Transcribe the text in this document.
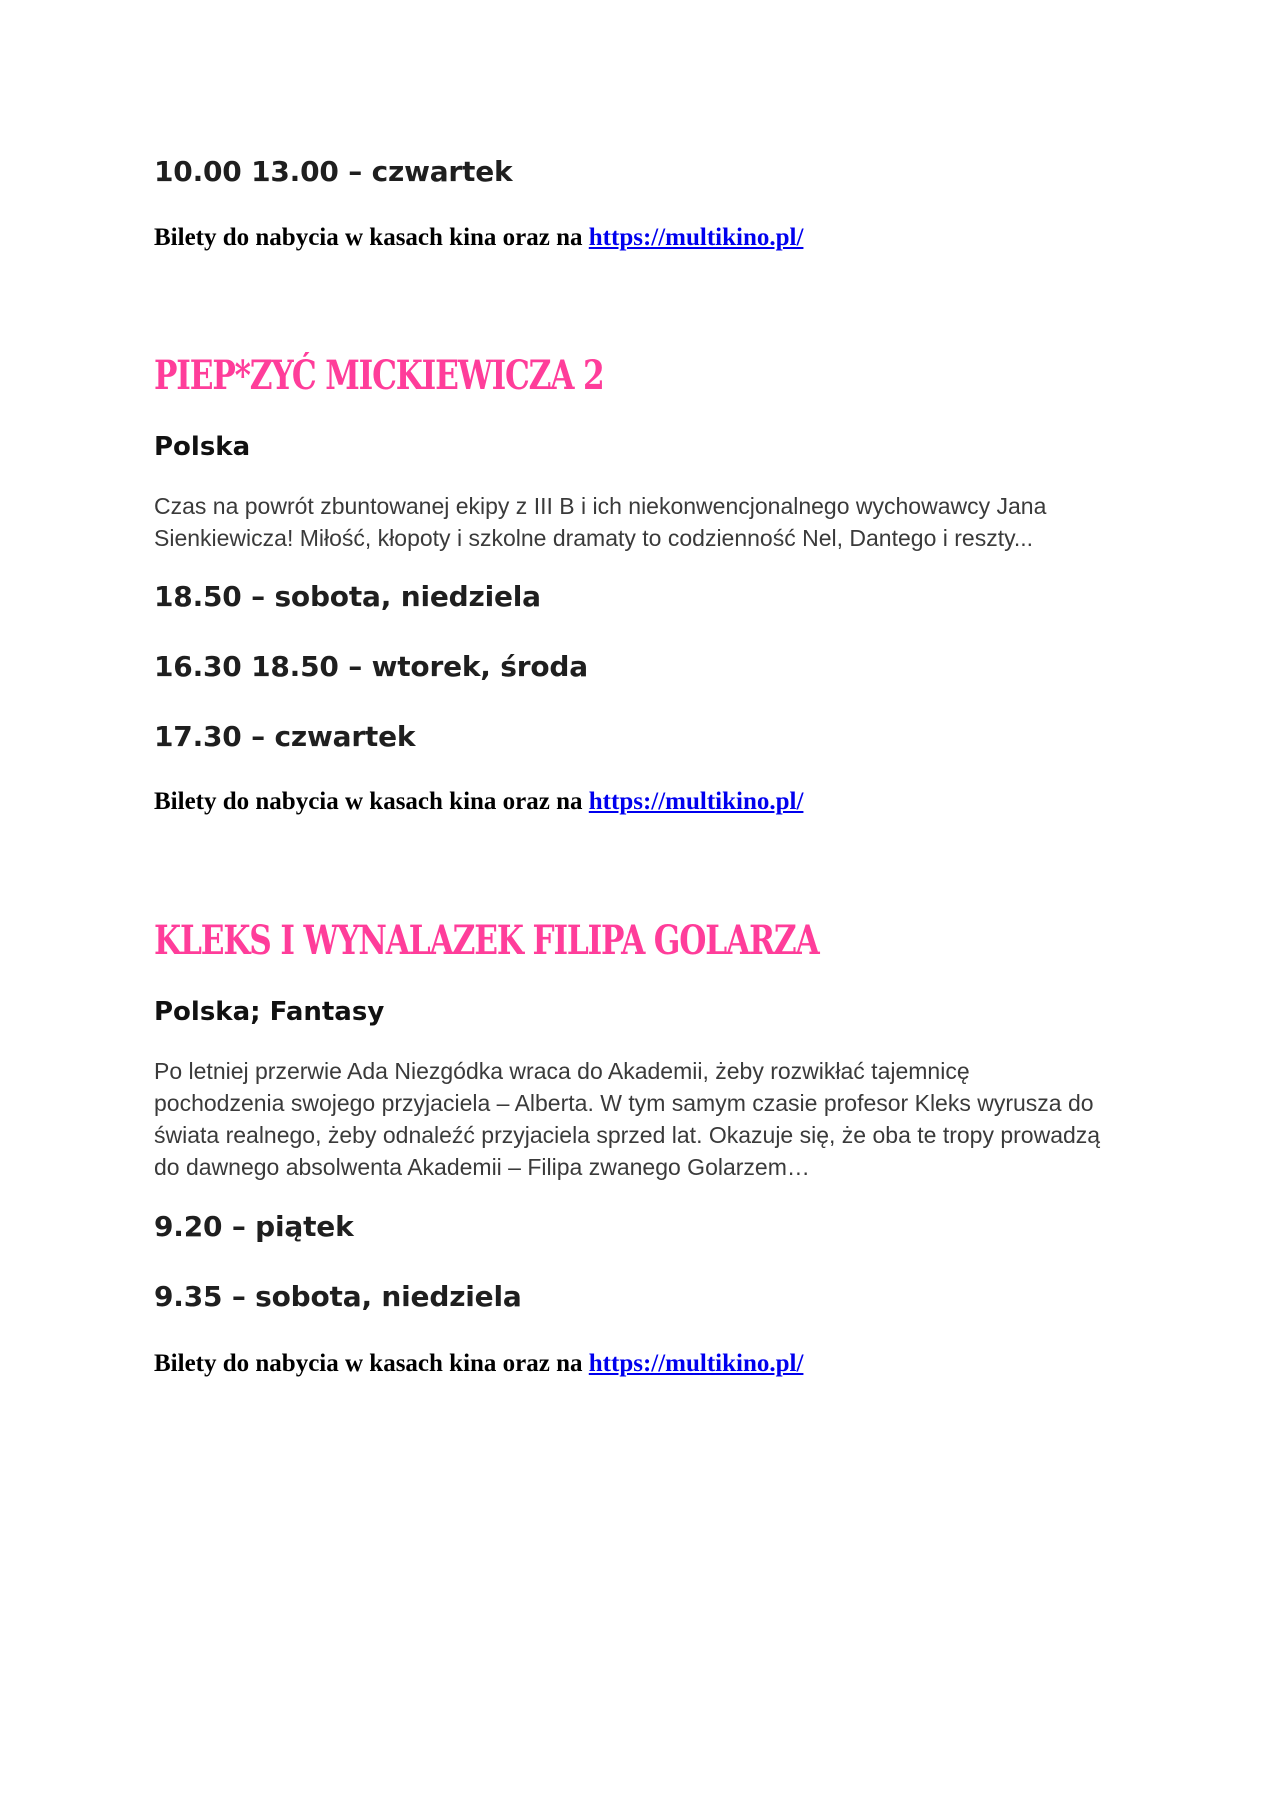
10.00 13.00 – czwartek
Bilety do nabycia w kasach kina oraz na https://multikino.pl/
PIEP*ZYĆ MICKIEWICZA 2
Polska
Czas na powrót zbuntowanej ekipy z III B i ich niekonwencjonalnego wychowawcy Jana
Sienkiewicza! Miłość, kłopoty i szkolne dramaty to codzienność Nel, Dantego i reszty...
18.50 – sobota, niedziela
16.30 18.50 – wtorek, środa
17.30 – czwartek
Bilety do nabycia w kasach kina oraz na https://multikino.pl/
KLEKS I WYNALAZEK FILIPA GOLARZA
Polska; Fantasy
Po letniej przerwie Ada Niezgódka wraca do Akademii, żeby rozwikłać tajemnicę
pochodzenia swojego przyjaciela – Alberta. W tym samym czasie profesor Kleks wyrusza do
świata realnego, żeby odnaleźć przyjaciela sprzed lat. Okazuje się, że oba te tropy prowadzą
do dawnego absolwenta Akademii – Filipa zwanego Golarzem…
9.20 – piątek
9.35 – sobota, niedziela
Bilety do nabycia w kasach kina oraz na https://multikino.pl/
